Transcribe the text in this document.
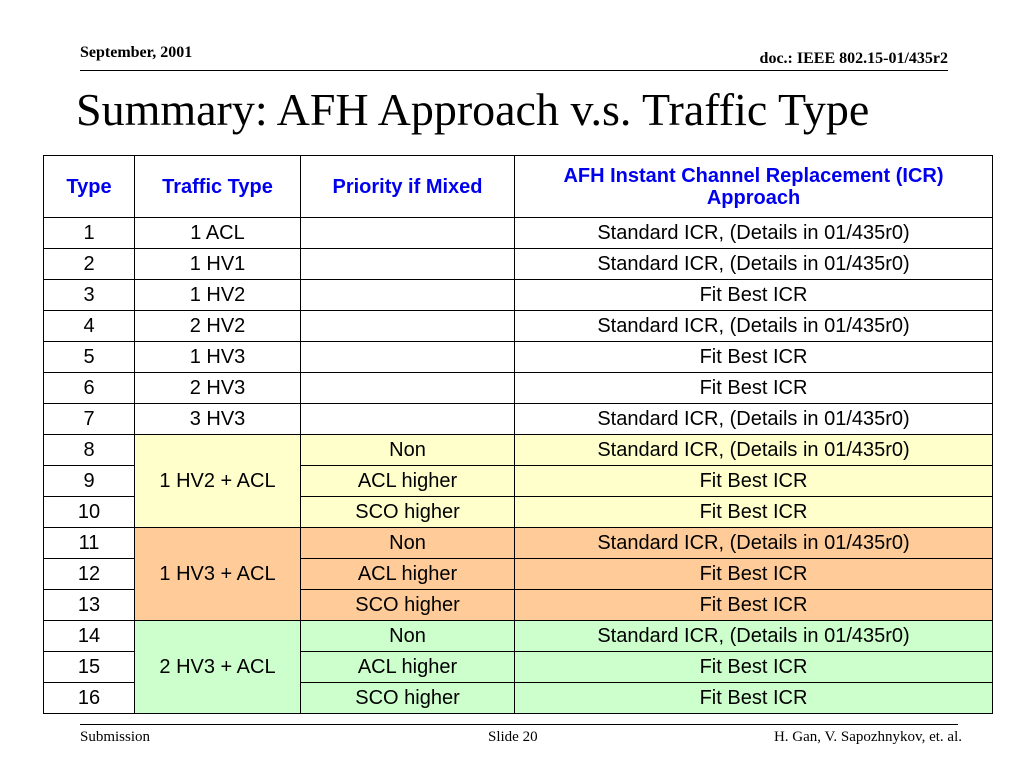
September, 2001	doc.: IEEE 802.15-01/435r2
Summary: AFH Approach v.s. Traffic Type
Type	Traffic Type	Priority if Mixed	AFH Instant Channel Replacement (ICR) Approach
1	1 ACL		Standard ICR, (Details in 01/435r0)
2	1 HV1		Standard ICR, (Details in 01/435r0)
3	1 HV2		Fit Best ICR
4	2 HV2		Standard ICR, (Details in 01/435r0)
5	1 HV3		Fit Best ICR
6	2 HV3		Fit Best ICR
7	3 HV3		Standard ICR, (Details in 01/435r0)
8	1 HV2 + ACL	Non	Standard ICR, (Details in 01/435r0)
9		ACL higher	Fit Best ICR
10		SCO higher	Fit Best ICR
11	1 HV3 + ACL	Non	Standard ICR, (Details in 01/435r0)
12		ACL higher	Fit Best ICR
13		SCO higher	Fit Best ICR
14	2 HV3 + ACL	Non	Standard ICR, (Details in 01/435r0)
15		ACL higher	Fit Best ICR
16		SCO higher	Fit Best ICR
Submission	Slide 20	H. Gan, V. Sapozhnykov, et. al.
